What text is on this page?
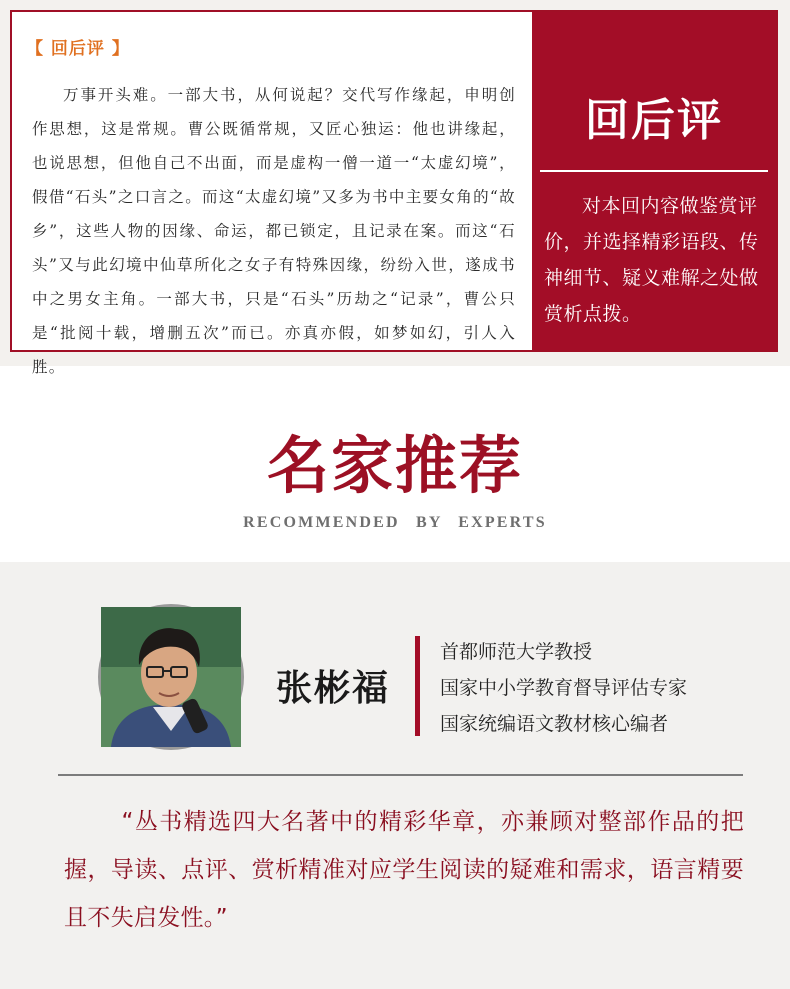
【 回后评 】
万事开头难。一部大书，从何说起？交代写作缘起，申明创作思想，这是常规。曹公既循常规，又匠心独运：他也讲缘起，也说思想，但他自己不出面，而是虚构一僧一道一“太虚幻境”，假借“石头”之口言之。而这“太虚幻境”又多为书中主要女角的“故乡”，这些人物的因缘、命运，都已锁定，且记录在案。而这“石头”又与此幻境中仙草所化之女子有特殊因缘，纷纷入世，遂成书中之男女主角。一部大书，只是“石头”历劫之“记录”，曹公只是“批阅十载，增删五次”而已。亦真亦假，如梦如幻，引人入胜。
回后评
对本回内容做鉴赏评价，并选择精彩语段、传神细节、疑义难解之处做赏析点拨。
名家推荐
RECOMMENDED BY EXPERTS
张彬福
首都师范大学教授
国家中小学教育督导评估专家
国家统编语文教材核心编者
“丛书精选四大名著中的精彩华章，亦兼顾对整部作品的把握，导读、点评、赏析精准对应学生阅读的疑难和需求，语言精要且不失启发性。”
